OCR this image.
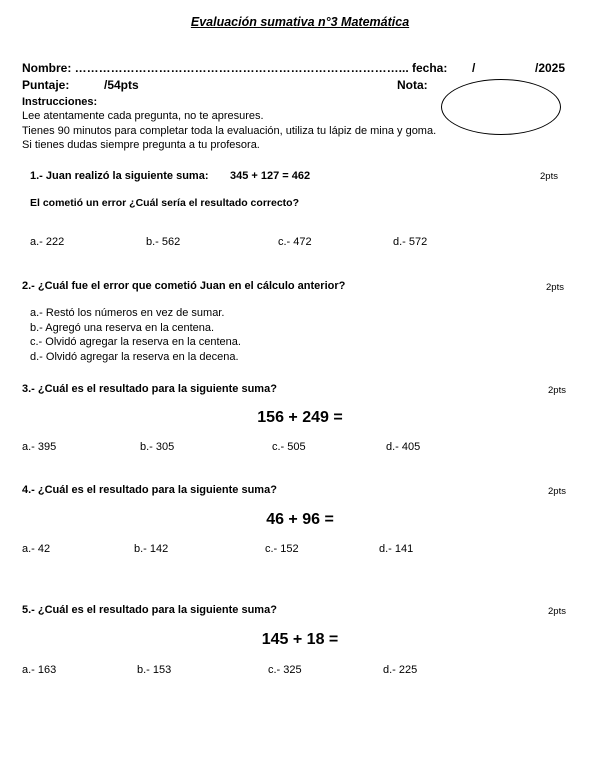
Evaluación sumativa n°3 Matemática
Nombre: ………………………………………………………………………... fecha: /	/2025
Puntaje:	/54pts	Nota:
Instrucciones:
Lee atentamente cada pregunta, no te apresures.
Tienes 90 minutos para completar toda la evaluación, utiliza tu lápiz de mina y goma.
Si tienes dudas siempre pregunta a tu profesora.
1.- Juan realizó la siguiente suma: 345 + 127 = 462	2pts
El cometió un error ¿Cuál sería el resultado correcto?
a.- 222	b.- 562	c.- 472	d.- 572
2.- ¿Cuál fue el error que cometió Juan en el cálculo anterior?	2pts
a.- Restó los números en vez de sumar.
b.- Agregó una reserva en la centena.
c.- Olvidó agregar la reserva en la centena.
d.- Olvidó agregar la reserva en la decena.
3.- ¿Cuál es el resultado para la siguiente suma?	2pts
156 + 249 =
a.- 395	b.- 305	c.- 505	d.- 405
4.- ¿Cuál es el resultado para la siguiente suma?	2pts
46 + 96 =
a.- 42	b.- 142	c.- 152	d.- 141
5.- ¿Cuál es el resultado para la siguiente suma?	2pts
145 + 18 =
a.- 163	b.- 153	c.- 325	d.- 225
